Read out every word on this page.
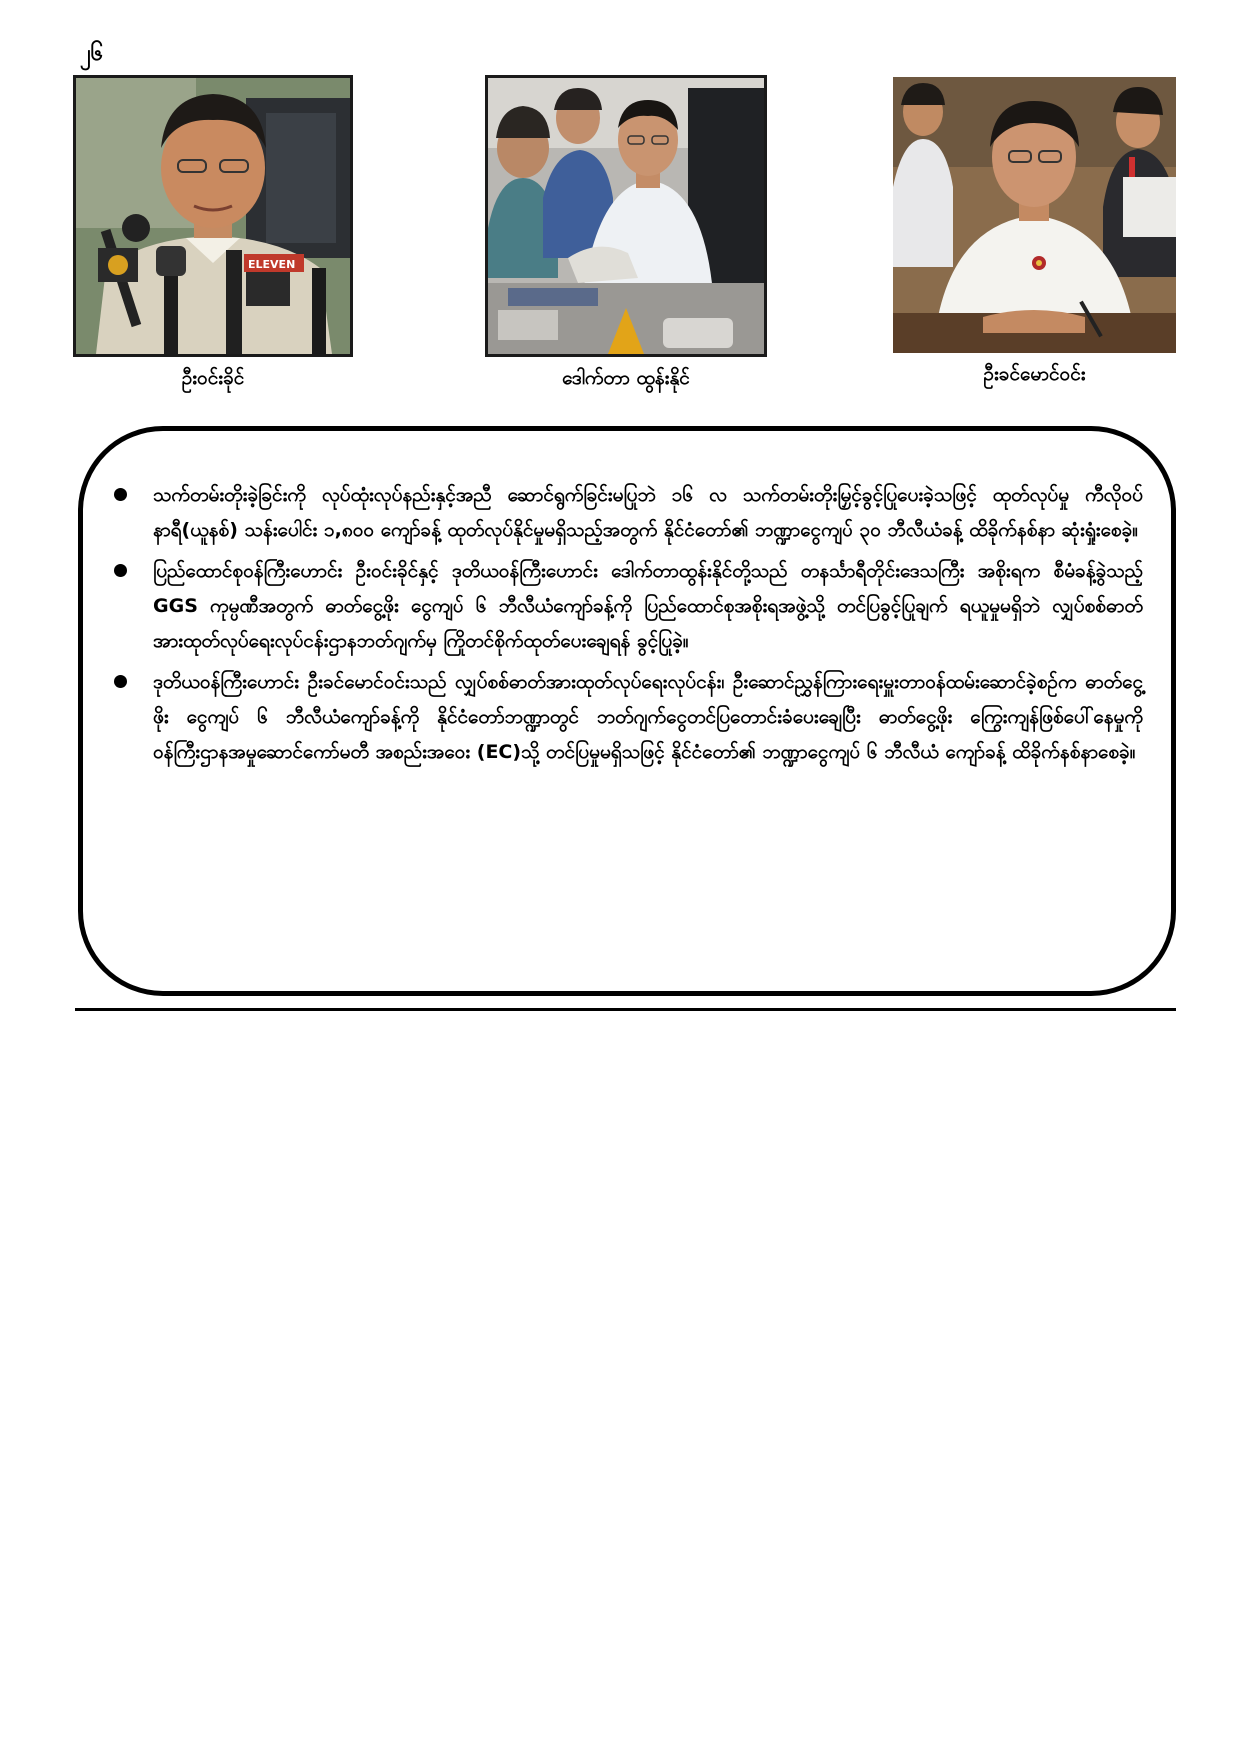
၂၆
ELEVEN
ဦးဝင်းခိုင်	ဒေါက်တာ ထွန်းနိုင်	ဦးခင်မောင်ဝင်း
သက်တမ်းတိုးခဲ့ခြင်းကို လုပ်ထုံးလုပ်နည်းနှင့်အညီ ဆောင်ရွက်ခြင်းမပြုဘဲ ၁၆ လ သက်တမ်းတိုးမြှင့်ခွင့်ပြုပေးခဲ့သဖြင့် ထုတ်လုပ်မှု ကီလိုဝပ်နာရီ(ယူနစ်) သန်းပေါင်း ၁,၈၀၀ ကျော်ခန့် ထုတ်လုပ်နိုင်မှုမရှိသည့်အတွက် နိုင်ငံတော်၏ ဘဏ္ဍာငွေကျပ် ၃၀ ဘီလီယံခန့် ထိခိုက်နစ်နာ ဆုံးရှုံးစေခဲ့။
ပြည်ထောင်စုဝန်ကြီးဟောင်း ဦးဝင်းခိုင်နှင့် ဒုတိယဝန်ကြီးဟောင်း ဒေါက်တာထွန်းနိုင်တို့သည် တနင်္သာရီတိုင်းဒေသကြီး အစိုးရက စီမံခန့်ခွဲသည့် GGS ကုမ္ပဏီအတွက် ဓာတ်ငွေ့ဖိုး ငွေကျပ် ၆ ဘီလီယံကျော်ခန့်ကို ပြည်ထောင်စုအစိုးရအဖွဲ့သို့ တင်ပြခွင့်ပြုချက် ရယူမှုမရှိဘဲ လျှပ်စစ်ဓာတ်အားထုတ်လုပ်ရေးလုပ်ငန်းဌာနဘတ်ဂျက်မှ ကြိုတင်စိုက်ထုတ်ပေးချေရန် ခွင့်ပြုခဲ့။
ဒုတိယဝန်ကြီးဟောင်း ဦးခင်မောင်ဝင်းသည် လျှပ်စစ်ဓာတ်အားထုတ်လုပ်ရေးလုပ်ငန်း၊ ဦးဆောင်ညွှန်ကြားရေးမှူးတာဝန်ထမ်းဆောင်ခဲ့စဉ်က ဓာတ်ငွေ့ဖိုး ငွေကျပ် ၆ ဘီလီယံကျော်ခန့်ကို နိုင်ငံတော်ဘဏ္ဍာတွင် ဘတ်ဂျက်ငွေတင်ပြတောင်းခံပေးချေပြီး ဓာတ်ငွေ့ဖိုး ကြွေးကျန်ဖြစ်ပေါ်နေမှုကို ဝန်ကြီးဌာနအမှုဆောင်ကော်မတီ အစည်းအဝေး (EC)သို့ တင်ပြမှုမရှိသဖြင့် နိုင်ငံတော်၏ ဘဏ္ဍာငွေကျပ် ၆ ဘီလီယံ ကျော်ခန့် ထိခိုက်နစ်နာစေခဲ့။
